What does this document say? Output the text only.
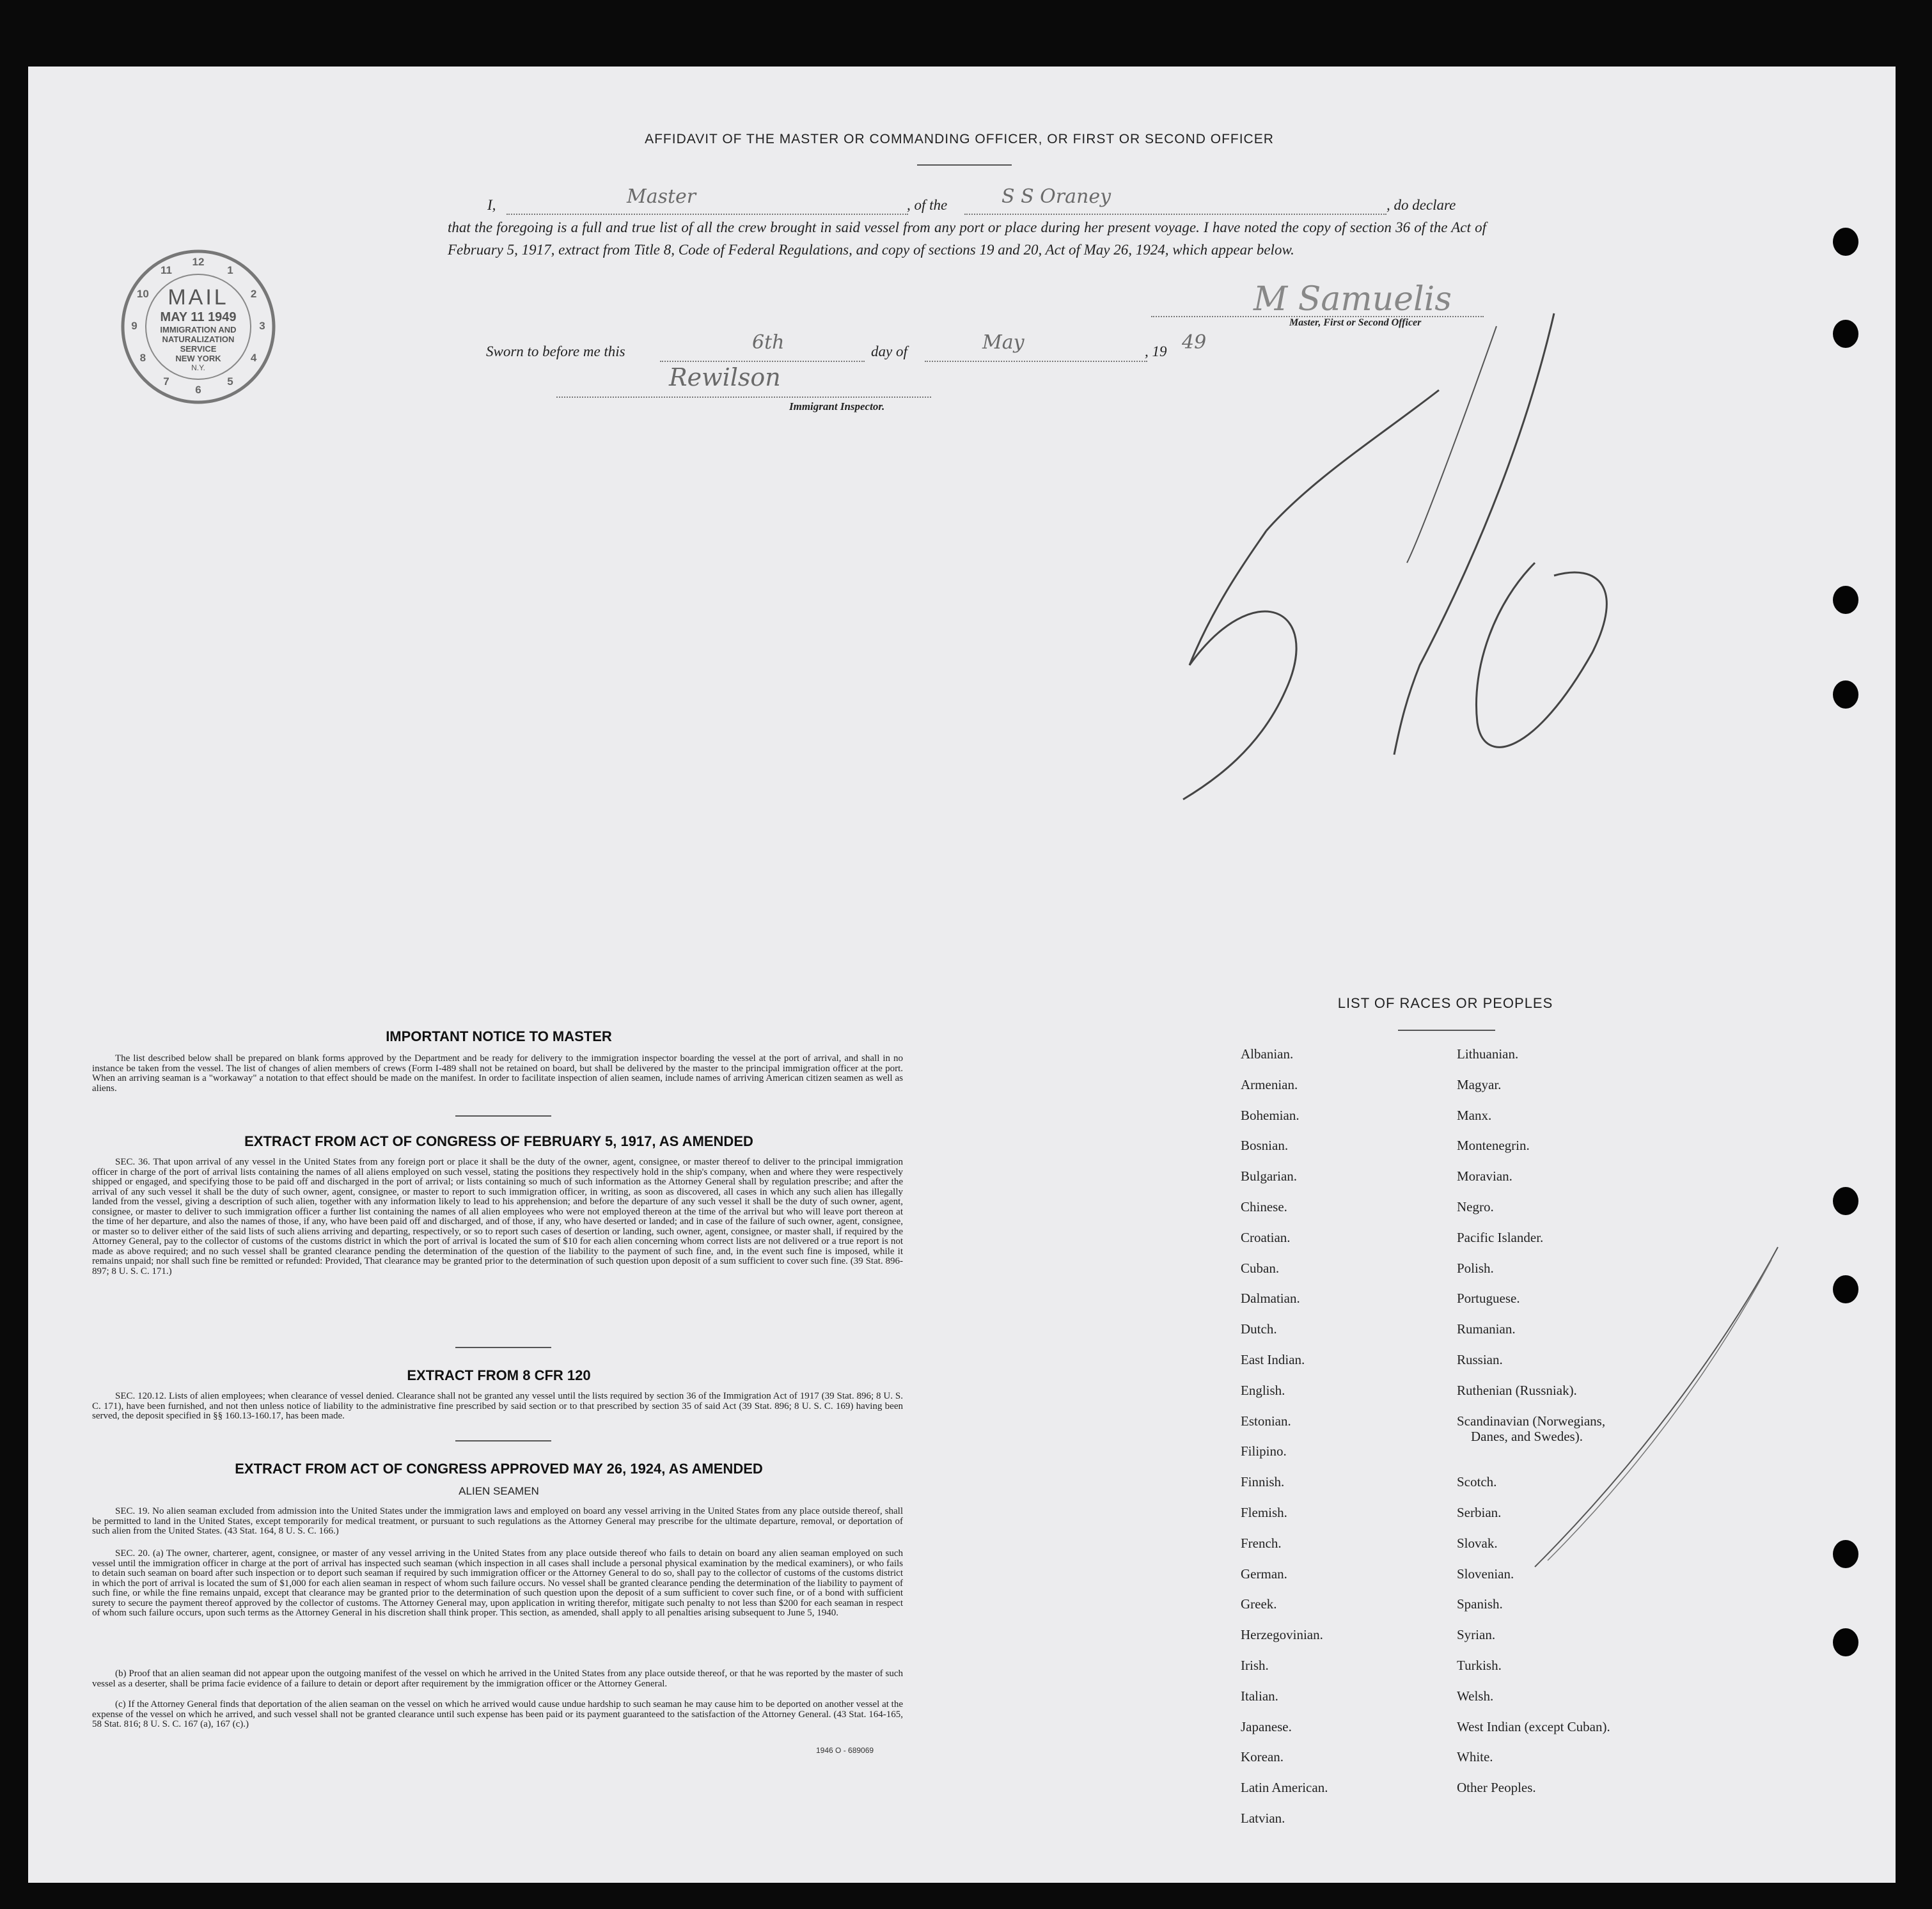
AFFIDAVIT OF THE MASTER OR COMMANDING OFFICER, OR FIRST OR SECOND OFFICER
I,	Master	, of the	S S Oraney	, do declare
that the foregoing is a full and true list of all the crew brought in said vessel from any port or place during her present voyage. I have noted the copy of section 36 of the Act of February 5, 1917, extract from Title 8, Code of Federal Regulations, and copy of sections 19 and 20, Act of May 26, 1924, which appear below.
M Samuelis
Master, First or Second Officer
Sworn to before me this	6th	day of	May	, 19 49
Rewilson
Immigrant Inspector.
MAIL
MAY 11 1949
IMMIGRATION AND
NATURALIZATION
SERVICE
NEW YORK
N.Y.
12
1
2
3
4
5
6
7
8
9
10
11
IMPORTANT NOTICE TO MASTER
The list described below shall be prepared on blank forms approved by the Department and be ready for delivery to the immigration inspector boarding the vessel at the port of arrival, and shall in no instance be taken from the vessel. The list of changes of alien members of crews (Form I-489 shall not be retained on board, but shall be delivered by the master to the principal immigration officer at the port. When an arriving seaman is a "workaway" a notation to that effect should be made on the manifest. In order to facilitate inspection of alien seamen, include names of arriving American citizen seamen as well as aliens.
EXTRACT FROM ACT OF CONGRESS OF FEBRUARY 5, 1917, AS AMENDED
SEC. 36. That upon arrival of any vessel in the United States from any foreign port or place it shall be the duty of the owner, agent, consignee, or master thereof to deliver to the principal immigration officer in charge of the port of arrival lists containing the names of all aliens employed on such vessel, stating the positions they respectively hold in the ship's company, when and where they were respectively shipped or engaged, and specifying those to be paid off and discharged in the port of arrival; or lists containing so much of such information as the Attorney General shall by regulation prescribe; and after the arrival of any such vessel it shall be the duty of such owner, agent, consignee, or master to report to such immigration officer, in writing, as soon as discovered, all cases in which any such alien has illegally landed from the vessel, giving a description of such alien, together with any information likely to lead to his apprehension; and before the departure of any such vessel it shall be the duty of such owner, agent, consignee, or master to deliver to such immigration officer a further list containing the names of all alien employees who were not employed thereon at the time of the arrival but who will leave port thereon at the time of her departure, and also the names of those, if any, who have been paid off and discharged, and of those, if any, who have deserted or landed; and in case of the failure of such owner, agent, consignee, or master so to deliver either of the said lists of such aliens arriving and departing, respectively, or so to report such cases of desertion or landing, such owner, agent, consignee, or master shall, if required by the Attorney General, pay to the collector of customs of the customs district in which the port of arrival is located the sum of $10 for each alien concerning whom correct lists are not delivered or a true report is not made as above required; and no such vessel shall be granted clearance pending the determination of the question of the liability to the payment of such fine, and, in the event such fine is imposed, while it remains unpaid; nor shall such fine be remitted or refunded: Provided, That clearance may be granted prior to the determination of such question upon deposit of a sum sufficient to cover such fine. (39 Stat. 896-897; 8 U. S. C. 171.)
EXTRACT FROM 8 CFR 120
SEC. 120.12. Lists of alien employees; when clearance of vessel denied. Clearance shall not be granted any vessel until the lists required by section 36 of the Immigration Act of 1917 (39 Stat. 896; 8 U. S. C. 171), have been furnished, and not then unless notice of liability to the administrative fine prescribed by said section or to that prescribed by section 35 of said Act (39 Stat. 896; 8 U. S. C. 169) having been served, the deposit specified in §§ 160.13-160.17, has been made.
EXTRACT FROM ACT OF CONGRESS APPROVED MAY 26, 1924, AS AMENDED
ALIEN SEAMEN
SEC. 19. No alien seaman excluded from admission into the United States under the immigration laws and employed on board any vessel arriving in the United States from any place outside thereof, shall be permitted to land in the United States, except temporarily for medical treatment, or pursuant to such regulations as the Attorney General may prescribe for the ultimate departure, removal, or deportation of such alien from the United States. (43 Stat. 164, 8 U. S. C. 166.)
SEC. 20. (a) The owner, charterer, agent, consignee, or master of any vessel arriving in the United States from any place outside thereof who fails to detain on board any alien seaman employed on such vessel until the immigration officer in charge at the port of arrival has inspected such seaman (which inspection in all cases shall include a personal physical examination by the medical examiners), or who fails to detain such seaman on board after such inspection or to deport such seaman if required by such immigration officer or the Attorney General to do so, shall pay to the collector of customs of the customs district in which the port of arrival is located the sum of $1,000 for each alien seaman in respect of whom such failure occurs. No vessel shall be granted clearance pending the determination of the liability to payment of such fine, or while the fine remains unpaid, except that clearance may be granted prior to the determination of such question upon the deposit of a sum sufficient to cover such fine, or of a bond with sufficient surety to secure the payment thereof approved by the collector of customs. The Attorney General may, upon application in writing therefor, mitigate such penalty to not less than $200 for each seaman in respect of whom such failure occurs, upon such terms as the Attorney General in his discretion shall think proper. This section, as amended, shall apply to all penalties arising subsequent to June 5, 1940.
(b) Proof that an alien seaman did not appear upon the outgoing manifest of the vessel on which he arrived in the United States from any place outside thereof, or that he was reported by the master of such vessel as a deserter, shall be prima facie evidence of a failure to detain or deport after requirement by the immigration officer or the Attorney General.
(c) If the Attorney General finds that deportation of the alien seaman on the vessel on which he arrived would cause undue hardship to such seaman he may cause him to be deported on another vessel at the expense of the vessel on which he arrived, and such vessel shall not be granted clearance until such expense has been paid or its payment guaranteed to the satisfaction of the Attorney General. (43 Stat. 164-165, 58 Stat. 816; 8 U. S. C. 167 (a), 167 (c).)
1946 O - 689069
LIST OF RACES OR PEOPLES
Albanian.
Armenian.
Bohemian.
Bosnian.
Bulgarian.
Chinese.
Croatian.
Cuban.
Dalmatian.
Dutch.
East Indian.
English.
Estonian.
Filipino.
Finnish.
Flemish.
French.
German.
Greek.
Herzegovinian.
Irish.
Italian.
Japanese.
Korean.
Latin American.
Latvian.
Lithuanian.
Magyar.
Manx.
Montenegrin.
Moravian.
Negro.
Pacific Islander.
Polish.
Portuguese.
Rumanian.
Russian.
Ruthenian (Russniak).
Scandinavian (Norwegians,
Scotch.
Serbian.
Slovak.
Slovenian.
Spanish.
Syrian.
Turkish.
Welsh.
West Indian (except Cuban).
White.
Other Peoples.
Danes, and Swedes).
